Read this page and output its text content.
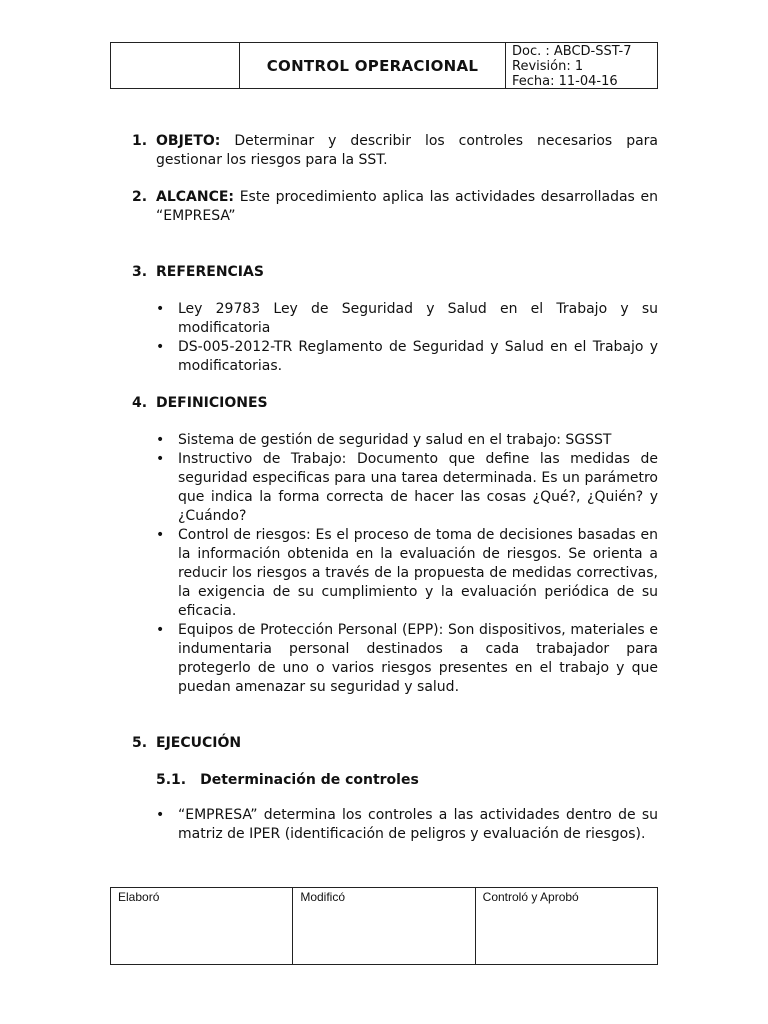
CONTROL OPERACIONAL
Doc. : ABCD-SST-7
Revisión: 1
Fecha: 11-04-16
1. OBJETO: Determinar y describir los controles necesarios para gestionar los riesgos para la SST.
2. ALCANCE: Este procedimiento aplica las actividades desarrolladas en “EMPRESA”
3. REFERENCIAS
• Ley 29783 Ley de Seguridad y Salud en el Trabajo y su modificatoria
• DS-005-2012-TR Reglamento de Seguridad y Salud en el Trabajo y modificatorias.
4. DEFINICIONES
• Sistema de gestión de seguridad y salud en el trabajo: SGSST
• Instructivo de Trabajo: Documento que define las medidas de seguridad especificas para una tarea determinada. Es un parámetro que indica la forma correcta de hacer las cosas ¿Qué?, ¿Quién? y ¿Cuándo?
• Control de riesgos: Es el proceso de toma de decisiones basadas en la información obtenida en la evaluación de riesgos. Se orienta a reducir los riesgos a través de la propuesta de medidas correctivas, la exigencia de su cumplimiento y la evaluación periódica de su eficacia.
• Equipos de Protección Personal (EPP): Son dispositivos, materiales e indumentaria personal destinados a cada trabajador para protegerlo de uno o varios riesgos presentes en el trabajo y que puedan amenazar su seguridad y salud.
5. EJECUCIÓN
5.1. Determinación de controles
• “EMPRESA” determina los controles a las actividades dentro de su matriz de IPER (identificación de peligros y evaluación de riesgos).
Elaboró	Modificó	Controló y Aprobó
